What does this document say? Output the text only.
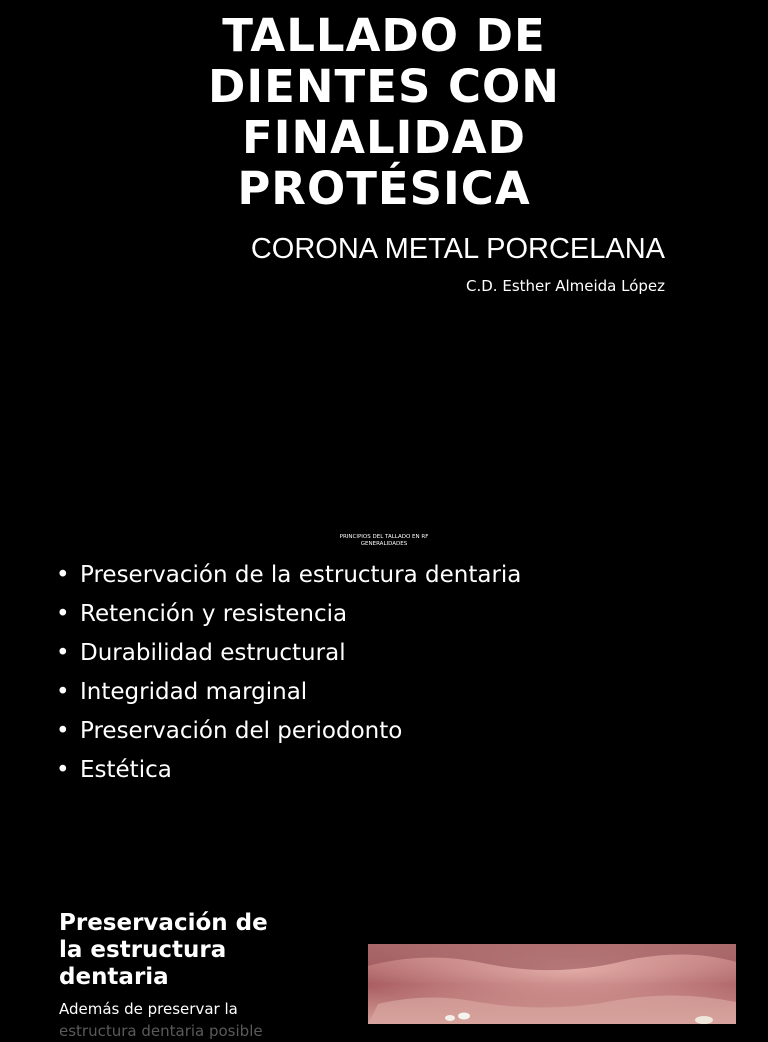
TALLADO DE
DIENTES CON
FINALIDAD
PROTÉSICA
CORONA METAL PORCELANA
C.D. Esther Almeida López
PRINCIPIOS DEL TALLADO EN RF
GENERALIDADES
• Preservación de la estructura dentaria
• Retención y resistencia
• Durabilidad estructural
• Integridad marginal
• Preservación del periodonto
• Estética
Preservación de
la estructura
dentaria
Además de preservar la
estructura dentaria posible
